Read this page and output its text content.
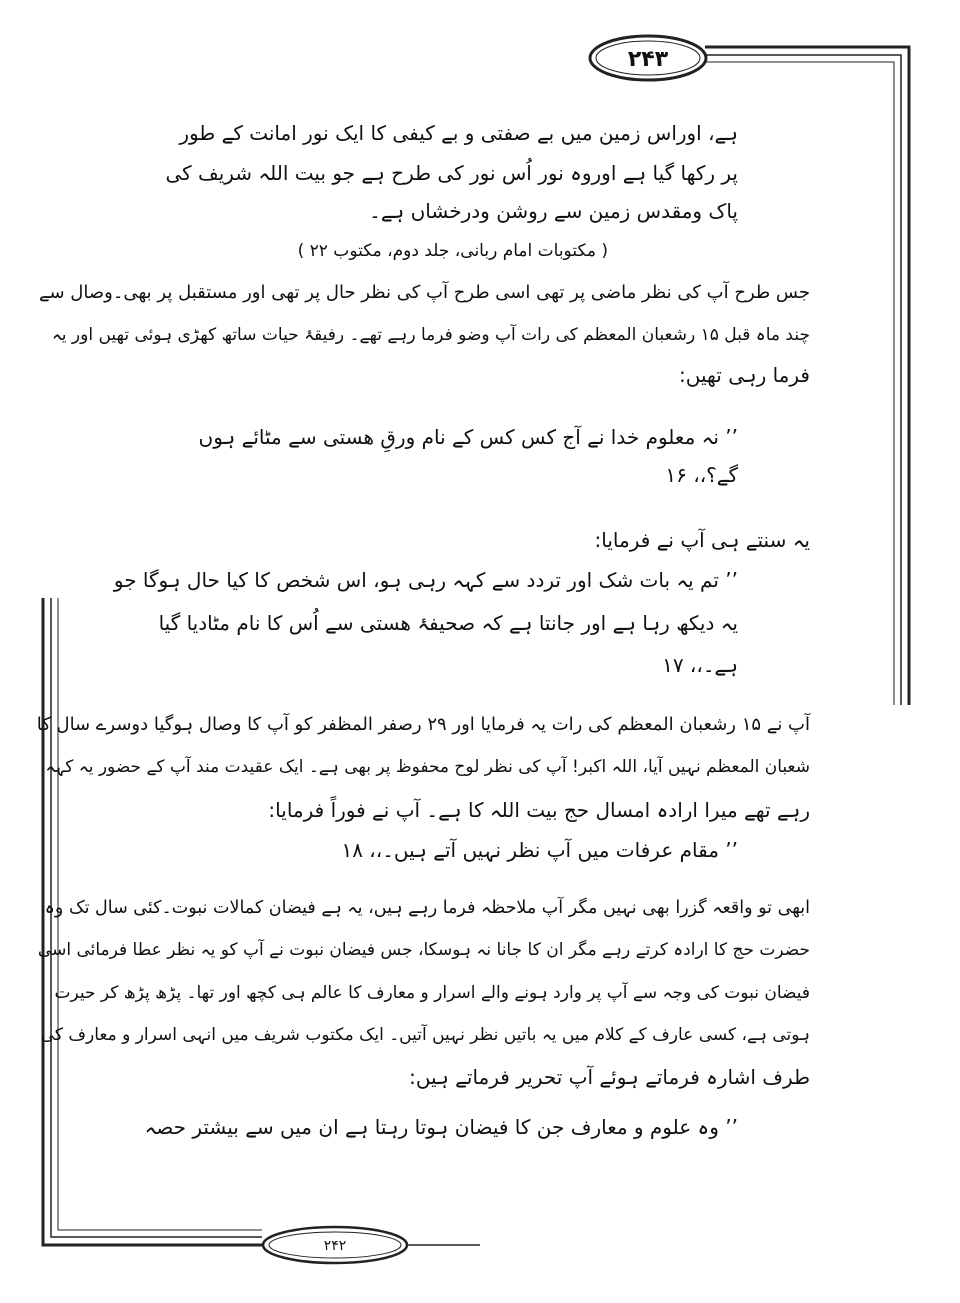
۲۴۳
۲۴۲
ہے، اوراس زمین میں بے صفتی و بے کیفی کا ایک نور امانت کے طور
پر رکھا گیا ہے اوروہ نور اُس نور کی طرح ہے جو بیت اللہ شریف کی
پاک ومقدس زمین سے روشن ودرخشاں ہے۔
( مکتوبات امام ربانی، جلد دوم، مکتوب ۲۲ )
جس طرح آپ کی نظر ماضی پر تھی اسی طرح آپ کی نظر حال پر تھی اور مستقبل پر بھی۔وصال سے
چند ماہ قبل ۱۵ رشعبان المعظم کی رات آپ وضو فرما رہے تھے۔ رفیقۂ حیات ساتھ کھڑی ہوئی تھیں اور یہ
فرما رہی تھیں:
’’ نہ معلوم خدا نے آج کس کس کے نام ورقِ ھستی سے مٹائے ہوں
گے؟،، ۱۶
یہ سنتے ہی آپ نے فرمایا:
’’ تم یہ بات شک اور تردد سے کہہ رہی ہو، اس شخص کا کیا حال ہوگا جو
یہ دیکھ رہا ہے اور جانتا ہے کہ صحیفۂ ھستی سے اُس کا نام مٹادیا گیا
ہے۔،، ۱۷
آپ نے ۱۵ رشعبان المعظم کی رات یہ فرمایا اور ۲۹ رصفر المظفر کو آپ کا وصال ہوگیا دوسرے سال کا
شعبان المعظم نہیں آیا، اللہ اکبر! آپ کی نظر لوح محفوظ پر بھی ہے۔ ایک عقیدت مند آپ کے حضور یہ کہہ
رہے تھے میرا ارادہ امسال حج بیت اللہ کا ہے۔ آپ نے فوراً فرمایا:
’’ مقام عرفات میں آپ نظر نہیں آتے ہیں۔،، ۱۸
ابھی تو واقعہ گزرا بھی نہیں مگر آپ ملاحظہ فرما رہے ہیں، یہ ہے فیضان کمالات نبوت۔کئی سال تک وہ
حضرت حج کا ارادہ کرتے رہے مگر ان کا جانا نہ ہوسکا، جس فیضان نبوت نے آپ کو یہ نظر عطا فرمائی اسی
فیضان نبوت کی وجہ سے آپ پر وارد ہونے والے اسرار و معارف کا عالم ہی کچھ اور تھا۔ پڑھ پڑھ کر حیرت
ہوتی ہے، کسی عارف کے کلام میں یہ باتیں نظر نہیں آتیں۔ ایک مکتوب شریف میں انہی اسرار و معارف کی
طرف اشارہ فرماتے ہوئے آپ تحریر فرماتے ہیں:
’’ وہ علوم و معارف جن کا فیضان ہوتا رہتا ہے ان میں سے بیشتر حصہ
